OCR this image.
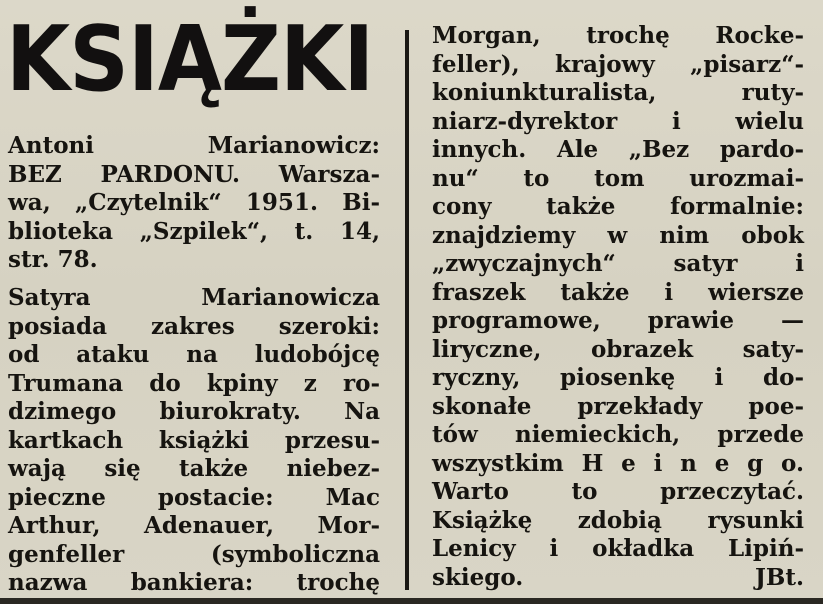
KSIĄŻKI
Antoni Marianowicz:
BEZ PARDONU. Warsza-
wa, „Czytelnik“ 1951. Bi-
blioteka „Szpilek“, t. 14,
str. 78.
Satyra Marianowicza
posiada zakres szeroki:
od ataku na ludobójcę
Trumana do kpiny z ro-
dzimego biurokraty. Na
kartkach książki przesu-
wają się także niebez-
pieczne postacie: Mac
Arthur, Adenauer, Mor-
genfeller (symboliczna
nazwa bankiera: trochę
Morgan, trochę Rocke-
feller), krajowy „pisarz“-
koniunkturalista, ruty-
niarz-dyrektor i wielu
innych. Ale „Bez pardo-
nu“ to tom urozmai-
cony także formalnie:
znajdziemy w nim obok
„zwyczajnych“ satyr i
fraszek także i wiersze
programowe, prawie —
liryczne, obrazek saty-
ryczny, piosenkę i do-
skonałe przekłady poe-
tów niemieckich, przede
wszystkim H e i n e g o.
Warto to przeczytać.
Książkę zdobią rysunki
Lenicy i okładka Lipiń-
skiego.	JBt.
